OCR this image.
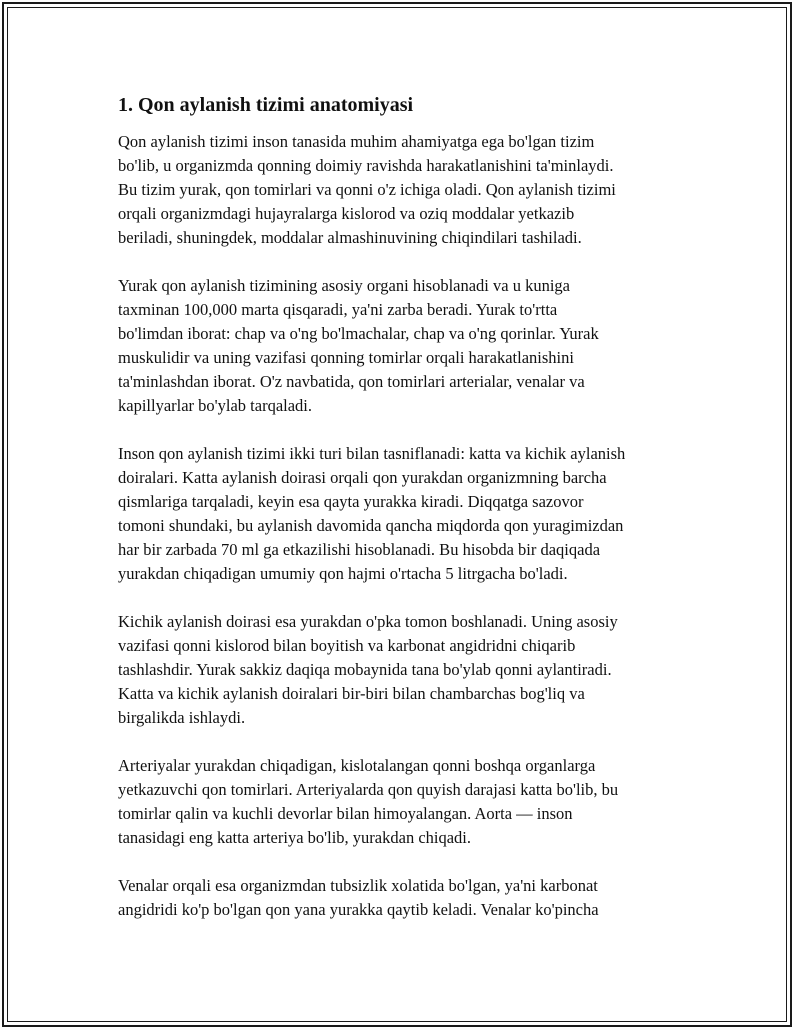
1. Qon aylanish tizimi anatomiyasi

Qon aylanish tizimi inson tanasida muhim ahamiyatga ega bo'lgan tizim
bo'lib, u organizmda qonning doimiy ravishda harakatlanishini ta'minlaydi.
Bu tizim yurak, qon tomirlari va qonni o'z ichiga oladi. Qon aylanish tizimi
orqali organizmdagi hujayralarga kislorod va oziq moddalar yetkazib
beriladi, shuningdek, moddalar almashinuvining chiqindilari tashiladi.

Yurak qon aylanish tizimining asosiy organi hisoblanadi va u kuniga
taxminan 100,000 marta qisqaradi, ya'ni zarba beradi. Yurak to'rtta
bo'limdan iborat: chap va o'ng bo'lmachalar, chap va o'ng qorinlar. Yurak
muskulidir va uning vazifasi qonning tomirlar orqali harakatlanishini
ta'minlashdan iborat. O'z navbatida, qon tomirlari arterialar, venalar va
kapillyarlar bo'ylab tarqaladi.

Inson qon aylanish tizimi ikki turi bilan tasniflanadi: katta va kichik aylanish
doiralari. Katta aylanish doirasi orqali qon yurakdan organizmning barcha
qismlariga tarqaladi, keyin esa qayta yurakka kiradi. Diqqatga sazovor
tomoni shundaki, bu aylanish davomida qancha miqdorda qon yuragimizdan
har bir zarbada 70 ml ga etkazilishi hisoblanadi. Bu hisobda bir daqiqada
yurakdan chiqadigan umumiy qon hajmi o'rtacha 5 litrgacha bo'ladi.

Kichik aylanish doirasi esa yurakdan o'pka tomon boshlanadi. Uning asosiy
vazifasi qonni kislorod bilan boyitish va karbonat angidridni chiqarib
tashlashdir. Yurak sakkiz daqiqa mobaynida tana bo'ylab qonni aylantiradi.
Katta va kichik aylanish doiralari bir-biri bilan chambarchas bog'liq va
birgalikda ishlaydi.

Arteriyalar yurakdan chiqadigan, kislotalangan qonni boshqa organlarga
yetkazuvchi qon tomirlari. Arteriyalarda qon quyish darajasi katta bo'lib, bu
tomirlar qalin va kuchli devorlar bilan himoyalangan. Aorta — inson
tanasidagi eng katta arteriya bo'lib, yurakdan chiqadi.

Venalar orqali esa organizmdan tubsizlik xolatida bo'lgan, ya'ni karbonat
angidridi ko'p bo'lgan qon yana yurakka qaytib keladi. Venalar ko'pincha
